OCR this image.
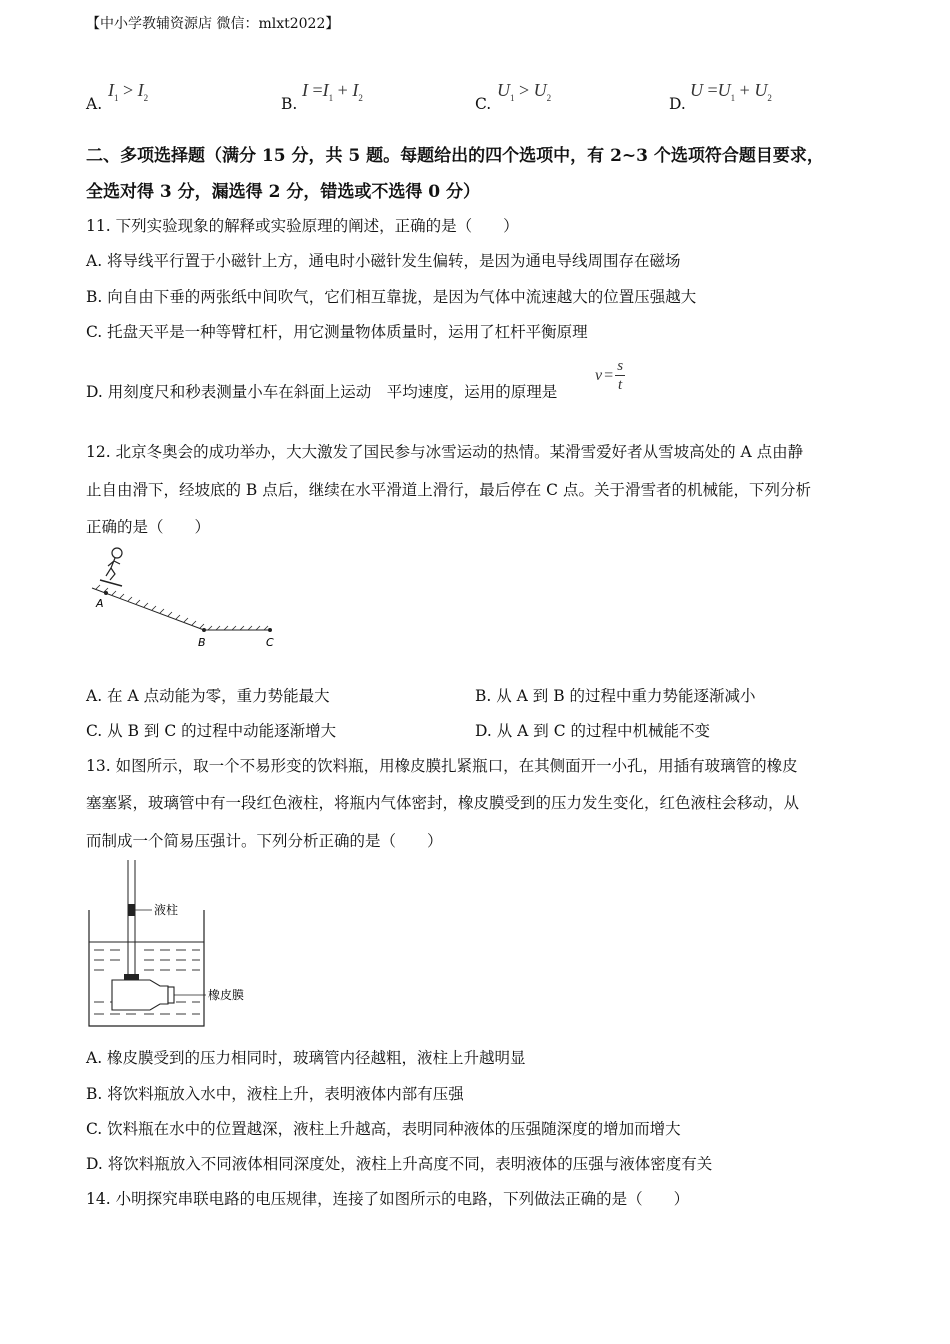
【中小学教辅资源店 微信：mlxt2022】
A.
$I_1 > I_2$	B.
$I =I_1 + I_2$	C.
$U_1 > U_2$	D.
$U =U_1 + U_2$
二、多项选择题（满分 15 分，共 5 题。每题给出的四个选项中，有 2~3 个选项符合题目要求，
全选对得 3 分，漏选得 2 分，错选或不选得 0 分）
11. 下列实验现象的解释或实验原理的阐述，正确的是（　　）
A. 将导线平行置于小磁针上方，通电时小磁针发生偏转，是因为通电导线周围存在磁场
B. 向自由下垂的两张纸中间吹气，它们相互靠拢，是因为气体中流速越大的位置压强越大
C. 托盘天平是一种等臂杠杆，用它测量物体质量时，运用了杠杆平衡原理
D. 用刻度尺和秒表测量小车在斜面上运动　平均速度，运用的原理是
$v = \frac{s}{t}$
12. 北京冬奥会的成功举办，大大激发了国民参与冰雪运动的热情。某滑雪爱好者从雪坡高处的 A 点由静
止自由滑下，经坡底的 B 点后，继续在水平滑道上滑行，最后停在 C 点。关于滑雪者的机械能，下列分析
正确的是（　　）
A
B	C
A. 在 A 点动能为零，重力势能最大	B. 从 A 到 B 的过程中重力势能逐渐减小
C. 从 B 到 C 的过程中动能逐渐增大	D. 从 A 到 C 的过程中机械能不变
13. 如图所示，取一个不易形变的饮料瓶，用橡皮膜扎紧瓶口，在其侧面开一小孔，用插有玻璃管的橡皮
塞塞紧，玻璃管中有一段红色液柱，将瓶内气体密封，橡皮膜受到的压力发生变化，红色液柱会移动，从
而制成一个简易压强计。下列分析正确的是（　　）
液柱
橡皮膜
A. 橡皮膜受到的压力相同时，玻璃管内径越粗，液柱上升越明显
B. 将饮料瓶放入水中，液柱上升，表明液体内部有压强
C. 饮料瓶在水中的位置越深，液柱上升越高，表明同种液体的压强随深度的增加而增大
D. 将饮料瓶放入不同液体相同深度处，液柱上升高度不同，表明液体的压强与液体密度有关
14. 小明探究串联电路的电压规律，连接了如图所示的电路，下列做法正确的是（　　）
